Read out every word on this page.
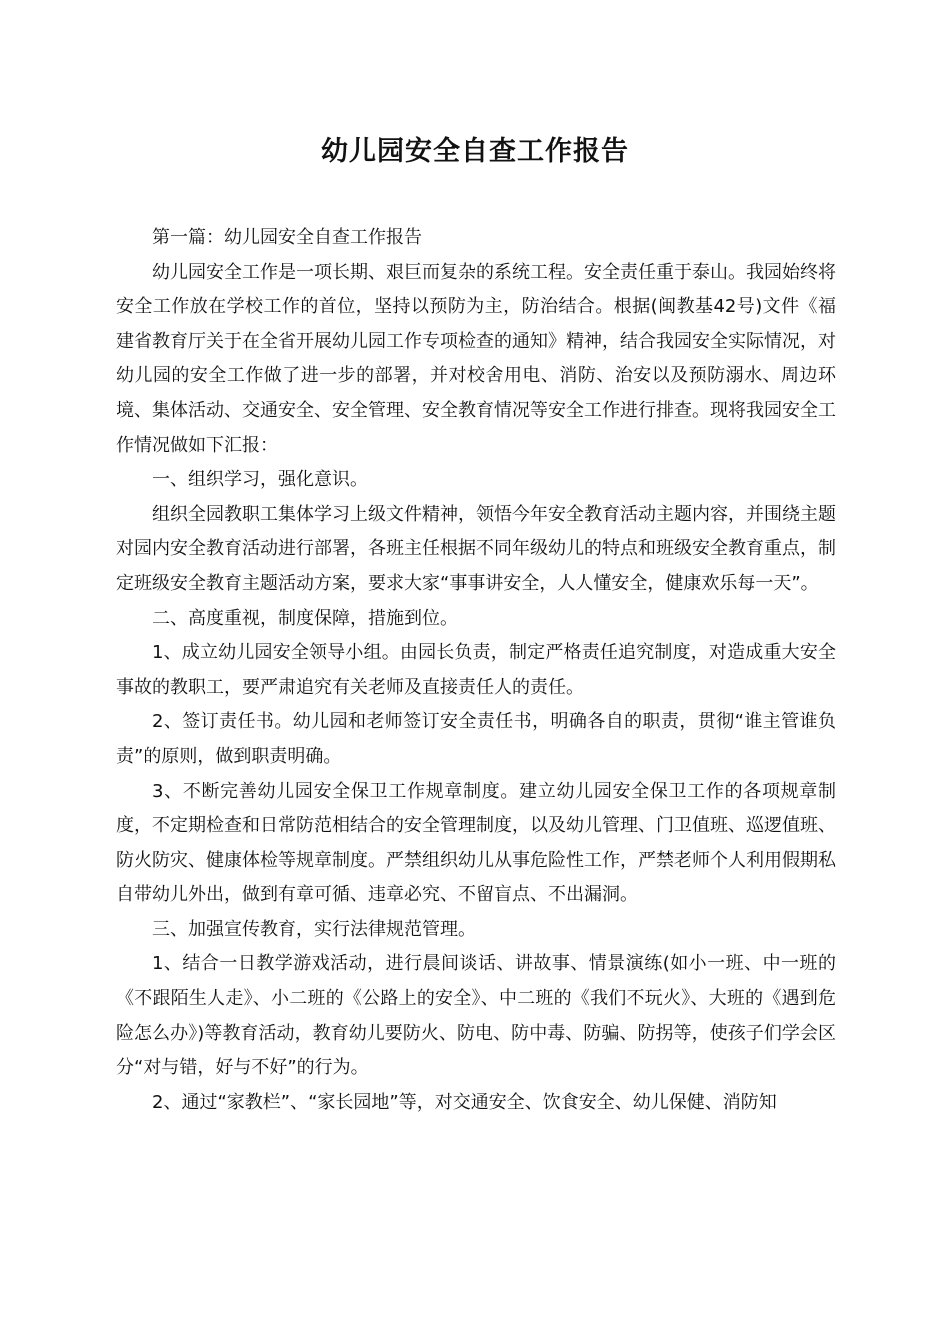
幼儿园安全自查工作报告

第一篇：幼儿园安全自查工作报告

幼儿园安全工作是一项长期、艰巨而复杂的系统工程。安全责任重于泰山。我园始终将安全工作放在学校工作的首位，坚持以预防为主，防治结合。根据(闽教基42号)文件《福建省教育厅关于在全省开展幼儿园工作专项检查的通知》精神，结合我园安全实际情况，对幼儿园的安全工作做了进一步的部署，并对校舍用电、消防、治安以及预防溺水、周边环境、集体活动、交通安全、安全管理、安全教育情况等安全工作进行排查。现将我园安全工作情况做如下汇报：

一、组织学习，强化意识。

组织全园教职工集体学习上级文件精神，领悟今年安全教育活动主题内容，并围绕主题对园内安全教育活动进行部署，各班主任根据不同年级幼儿的特点和班级安全教育重点，制定班级安全教育主题活动方案，要求大家“事事讲安全，人人懂安全，健康欢乐每一天”。

二、高度重视，制度保障，措施到位。

1、成立幼儿园安全领导小组。由园长负责，制定严格责任追究制度，对造成重大安全事故的教职工，要严肃追究有关老师及直接责任人的责任。

2、签订责任书。幼儿园和老师签订安全责任书，明确各自的职责，贯彻“谁主管谁负责”的原则，做到职责明确。

3、不断完善幼儿园安全保卫工作规章制度。建立幼儿园安全保卫工作的各项规章制度，不定期检查和日常防范相结合的安全管理制度，以及幼儿管理、门卫值班、巡逻值班、防火防灾、健康体检等规章制度。严禁组织幼儿从事危险性工作，严禁老师个人利用假期私自带幼儿外出，做到有章可循、违章必究、不留盲点、不出漏洞。

三、加强宣传教育，实行法律规范管理。

1、结合一日教学游戏活动，进行晨间谈话、讲故事、情景演练(如小一班、中一班的《不跟陌生人走》、小二班的《公路上的安全》、中二班的《我们不玩火》、大班的《遇到危险怎么办》)等教育活动，教育幼儿要防火、防电、防中毒、防骗、防拐等，使孩子们学会区分“对与错，好与不好”的行为。

2、通过“家教栏”、“家长园地”等，对交通安全、饮食安全、幼儿保健、消防知
